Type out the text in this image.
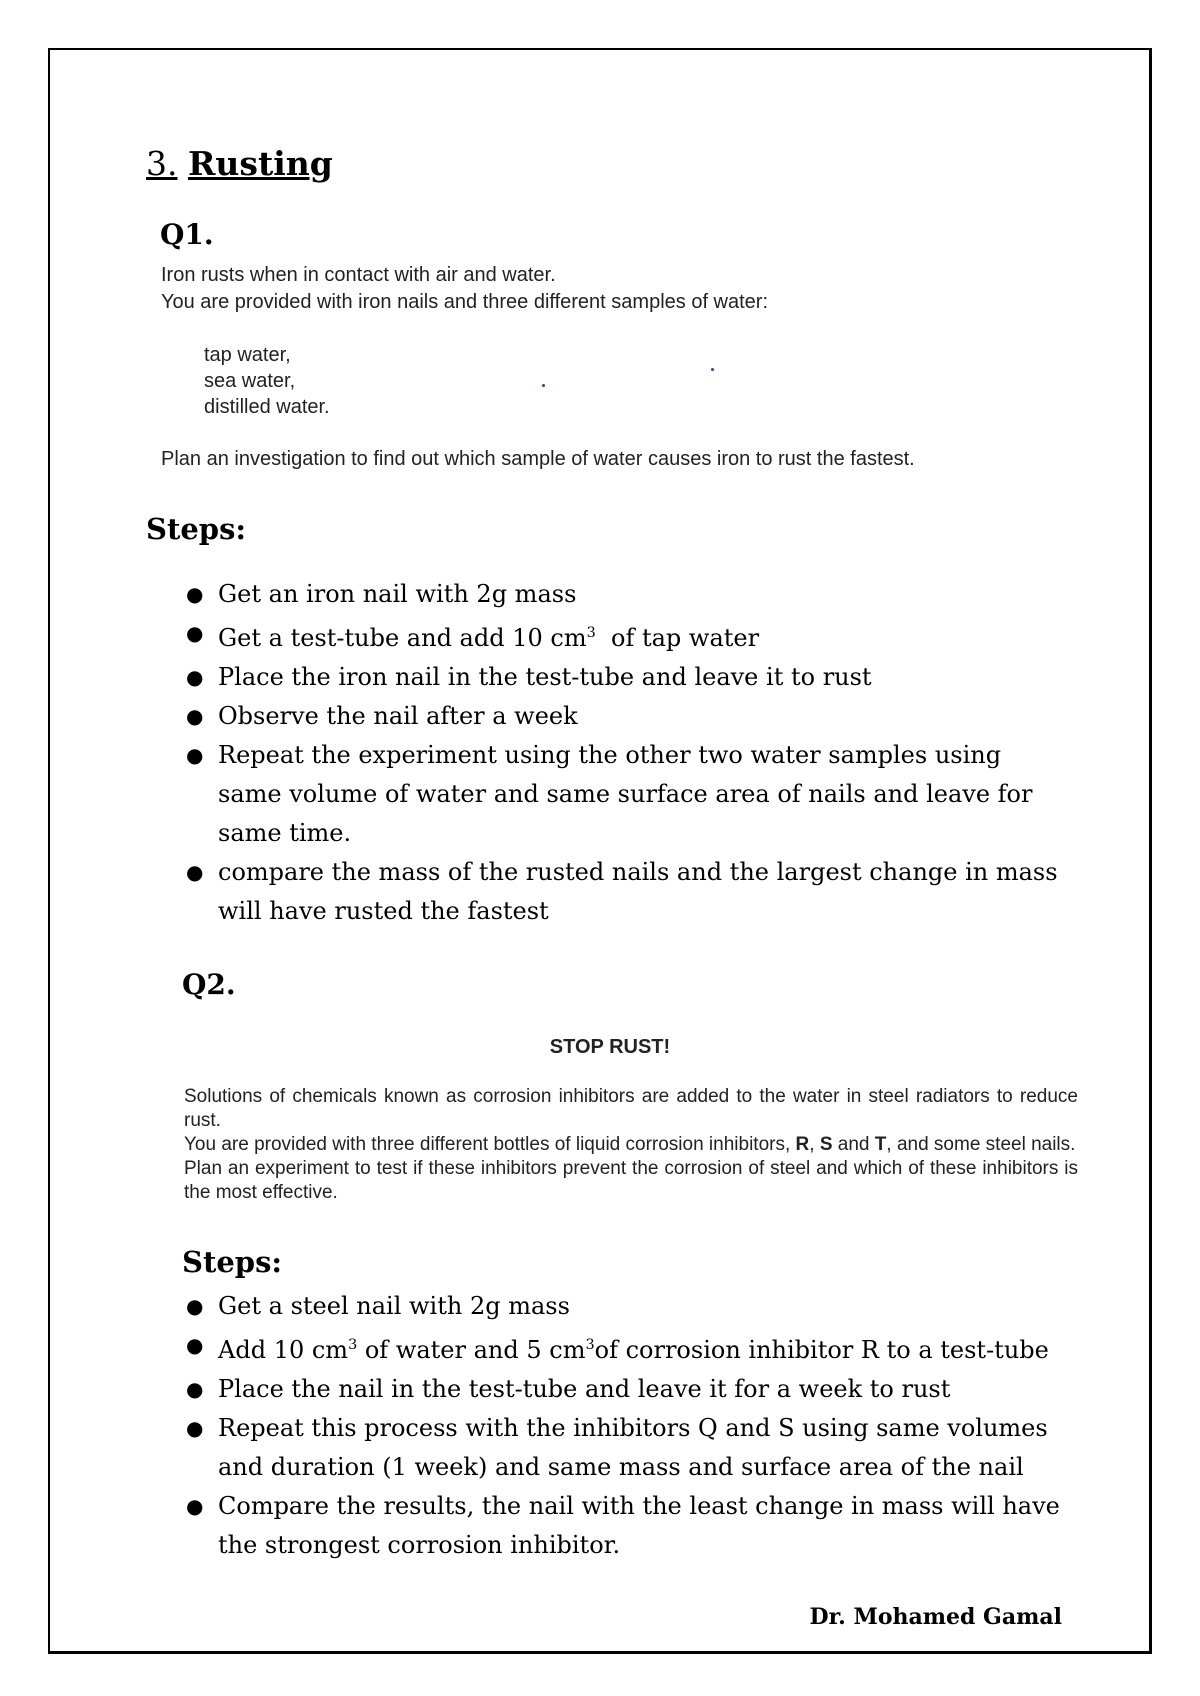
3. Rusting
Q1.
Iron rusts when in contact with air and water.
You are provided with iron nails and three different samples of water:
tap water,
sea water,
distilled water.
Plan an investigation to find out which sample of water causes iron to rust the fastest.
Steps:
● Get an iron nail with 2g mass
● Get a test-tube and add 10 $cm^3$ of tap water
● Place the iron nail in the test-tube and leave it to rust
● Observe the nail after a week
● Repeat the experiment using the other two water samples using same volume of water and same surface area of nails and leave for same time.
● compare the mass of the rusted nails and the largest change in mass will have rusted the fastest
Q2.
STOP RUST!

Solutions of chemicals known as corrosion inhibitors are added to the water in steel radiators to reduce rust.

You are provided with three different bottles of liquid corrosion inhibitors, R, S and T, and some steel nails.

Plan an experiment to test if these inhibitors prevent the corrosion of steel and which of these inhibitors is the most effective.

Steps:
● Get a steel nail with 2g mass
● Add 10 $cm^3$ of water and 5 $cm^3of$ corrosion inhibitor R to a test-tube
● Place the nail in the test-tube and leave it for a week to rust
● Repeat this process with the inhibitors Q and S using same volumes and duration (1 week) and same mass and surface area of the nail
● Compare the results, the nail with the least change in mass will have the strongest corrosion inhibitor.
Dr. Mohamed Gamal
